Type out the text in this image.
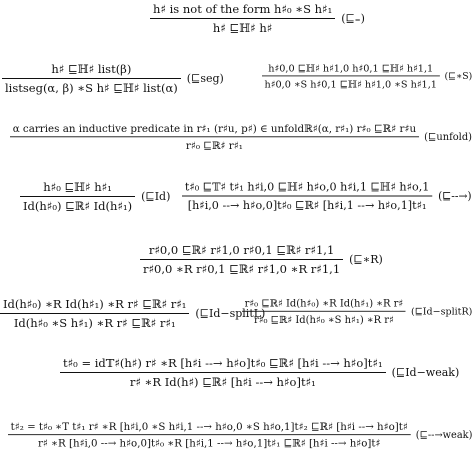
$\frac{\text{h♯ is not of the form h♯₀ ∗S h♯₁}}{\text{h♯ ⊑ℍ♯ h♯}}$ (⊑₌)
$\frac{\text{h♯ ⊑ℍ♯ list(β)}}{\text{listseg(α, β) ∗S h♯ ⊑ℍ♯ list(α)}}$ (⊑seg)	$\frac{\text{h♯0,0 ⊑ℍ♯ h♯1,0 h♯0,1 ⊑ℍ♯ h♯1,1}}{\text{h♯0,0 ∗S h♯0,1 ⊑ℍ♯ h♯1,0 ∗S h♯1,1}}$ (⊑∗S)
α carries an inductive predicate in r♯₁ (r♯u, p♯) ∈ unfoldℝ♯(α, r♯₁) r♯₀ ⊑ℝ♯ r♯u
r♯₀ ⊑ℝ♯ r♯₁
(⊑unfold)
$\frac{\text{h♯₀ ⊑ℍ♯ h♯₁}}{\text{Id(h♯₀) ⊑ℝ♯ Id(h♯₁)}}$ (⊑Id) $\frac{\text{t♯₀ ⊑𝕋♯ t♯₁ h♯i,0 ⊑ℍ♯ h♯o,0 h♯i,1 ⊑ℍ♯ h♯o,1}}{\text{[h♯i,0 --→ h♯o,0]t♯₀ ⊑ℝ♯ [h♯i,1 --→ h♯o,1]t♯₁}}$ (⊑--→)
$\frac{\text{r♯0,0 ⊑ℝ♯ r♯1,0 r♯0,1 ⊑ℝ♯ r♯1,1}}{\text{r♯0,0 ∗R r♯0,1 ⊑ℝ♯ r♯1,0 ∗R r♯1,1}}$ (⊑∗R)
$\frac{\text{Id(h♯₀) ∗R Id(h♯₁) ∗R r♯ ⊑ℝ♯ r♯₁}}{\text{Id(h♯₀ ∗S h♯₁) ∗R r♯ ⊑ℝ♯ r♯₁}}$ (⊑Id−splitL)
$\frac{\text{r♯₀ ⊑ℝ♯ Id(h♯₀) ∗R Id(h♯₁) ∗R r♯}}{\text{r♯₀ ⊑ℝ♯ Id(h♯₀ ∗S h♯₁) ∗R r♯}}$ (⊑Id−splitR)
t♯₀ = id𝕋♯(h♯) r♯ ∗R [h♯i --→ h♯o]t♯₀ ⊑ℝ♯ [h♯i --→ h♯o]t♯₁
r♯ ∗R Id(h♯) ⊑ℝ♯ [h♯i --→ h♯o]t♯₁
(⊑Id−weak)
t♯₂ = t♯₀ ∗T t♯₁ r♯ ∗R [h♯i,0 ∗S h♯i,1 --→ h♯o,0 ∗S h♯o,1]t♯₂ ⊑ℝ♯ [h♯i --→ h♯o]t♯
r♯ ∗R [h♯i,0 --→ h♯o,0]t♯₀ ∗R [h♯i,1 --→ h♯o,1]t♯₁ ⊑ℝ♯ [h♯i --→ h♯o]t♯
(⊑--→weak)
